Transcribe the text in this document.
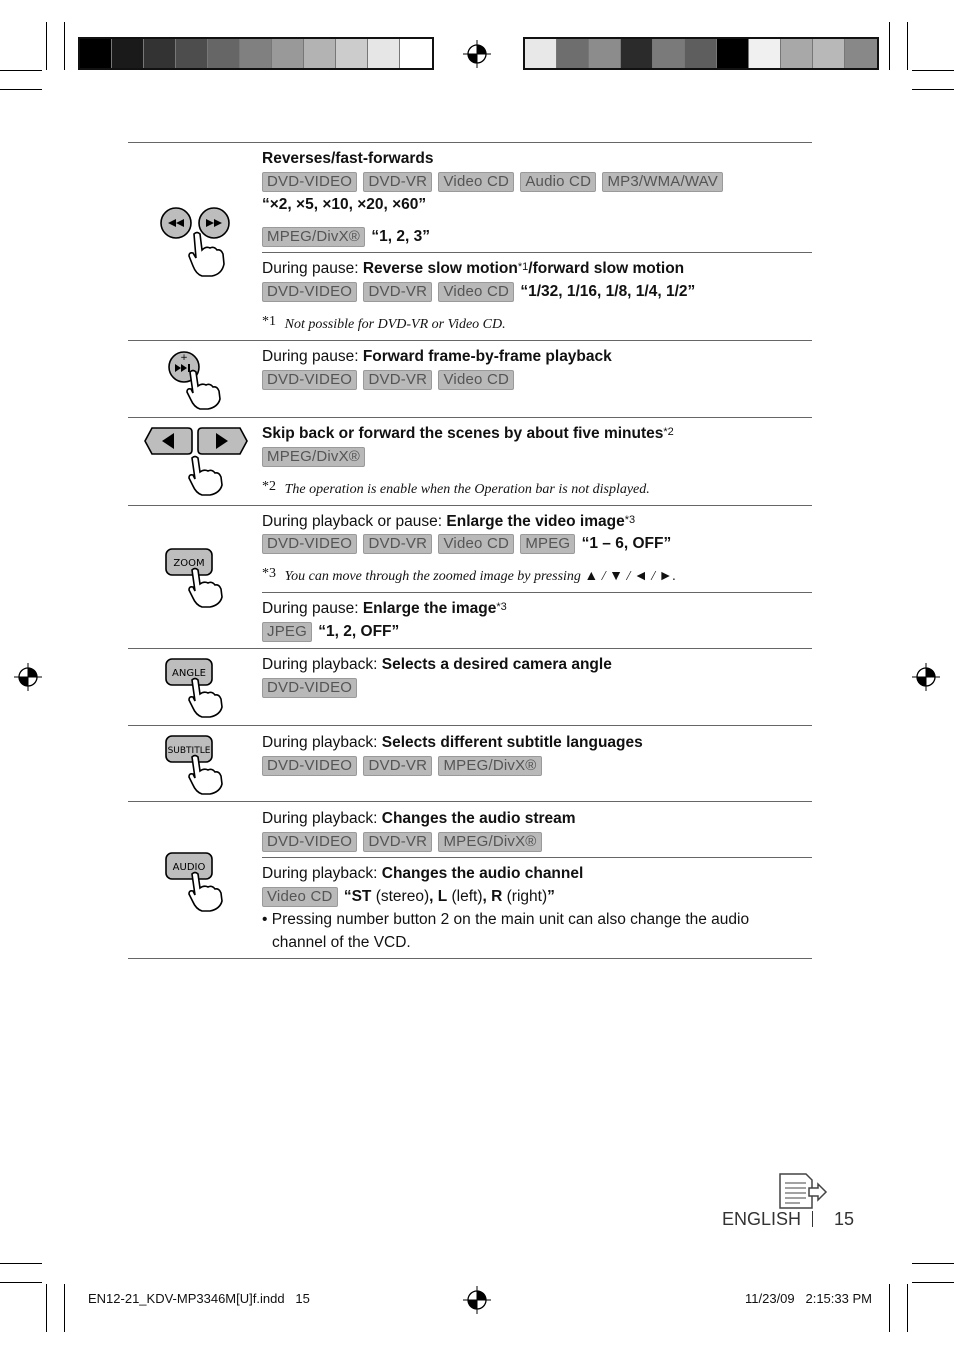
Reverses/fast-forwards
DVD-VIDEO DVD-VR Video CD Audio CD MP3/WMA/WAV
“×2, ×5, ×10, ×20, ×60”
MPEG/DivX® “1, 2, 3”
During pause: Reverse slow motion$^{*1}$/forward slow motion
DVD-VIDEO DVD-VR Video CD “1/32, 1/16, 1/8, 1/4, 1/2”
*1 Not possible for DVD-VR or Video CD.
+	During pause: Forward frame-by-frame playback
DVD-VIDEO DVD-VR Video CD
Skip back or forward the scenes by about five minutes$^{*2}$
MPEG/DivX®
*2 The operation is enable when the Operation bar is not displayed.
ZOOM
During playback or pause: Enlarge the video image$^{*3}$
DVD-VIDEO DVD-VR Video CD MPEG “1 – 6, OFF”
*3 You can move through the zoomed image by pressing ▲ / ▼ / ◄ / ►.
During pause: Enlarge the image$^{*3}$
JPEG “1, 2, OFF”
ANGLE
During playback: Selects a desired camera angle
DVD-VIDEO
SUBTITLE	During playback: Selects different subtitle languages
DVD-VIDEO DVD-VR MPEG/DivX®
AUDIO
During playback: Changes the audio stream
DVD-VIDEO DVD-VR MPEG/DivX®
During playback: Changes the audio channel
Video CD “ST (stereo), L (left), R (right)”
• Pressing number button 2 on the main unit can also change the audio
channel of the VCD.
ENGLISH 15
EN12-21_KDV-MP3346M[U]f.indd   15	11/23/09   2:15:33 PM
